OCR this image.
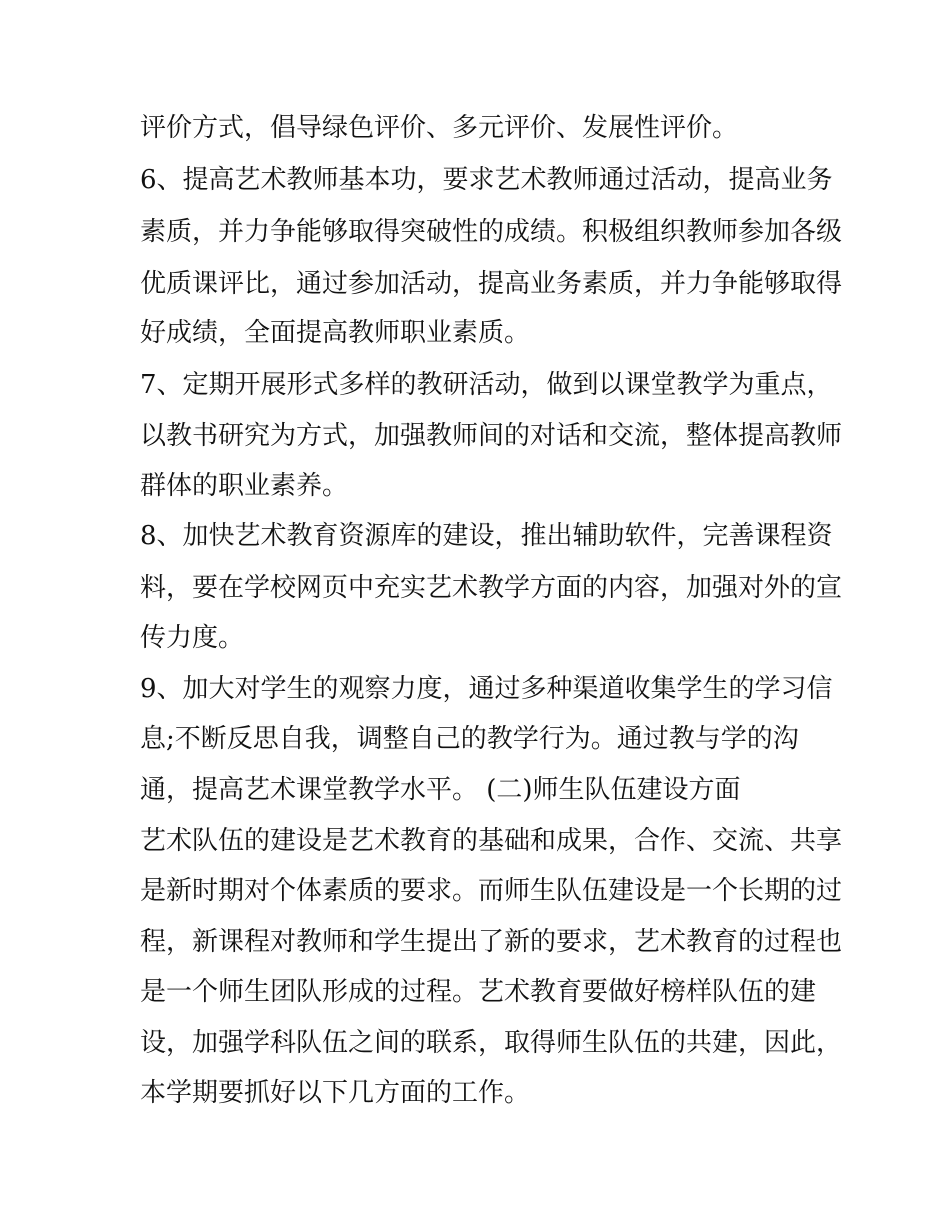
评价方式，倡导绿色评价、多元评价、发展性评价。
6、提高艺术教师基本功，要求艺术教师通过活动，提高业务
素质，并力争能够取得突破性的成绩。积极组织教师参加各级
优质课评比，通过参加活动，提高业务素质，并力争能够取得
好成绩，全面提高教师职业素质。
7、定期开展形式多样的教研活动，做到以课堂教学为重点，
以教书研究为方式，加强教师间的对话和交流，整体提高教师
群体的职业素养。
8、加快艺术教育资源库的建设，推出辅助软件，完善课程资
料，要在学校网页中充实艺术教学方面的内容，加强对外的宣
传力度。
9、加大对学生的观察力度，通过多种渠道收集学生的学习信
息;不断反思自我，调整自己的教学行为。通过教与学的沟
通，提高艺术课堂教学水平。 (二)师生队伍建设方面
艺术队伍的建设是艺术教育的基础和成果，合作、交流、共享
是新时期对个体素质的要求。而师生队伍建设是一个长期的过
程，新课程对教师和学生提出了新的要求，艺术教育的过程也
是一个师生团队形成的过程。艺术教育要做好榜样队伍的建
设，加强学科队伍之间的联系，取得师生队伍的共建，因此，
本学期要抓好以下几方面的工作。
